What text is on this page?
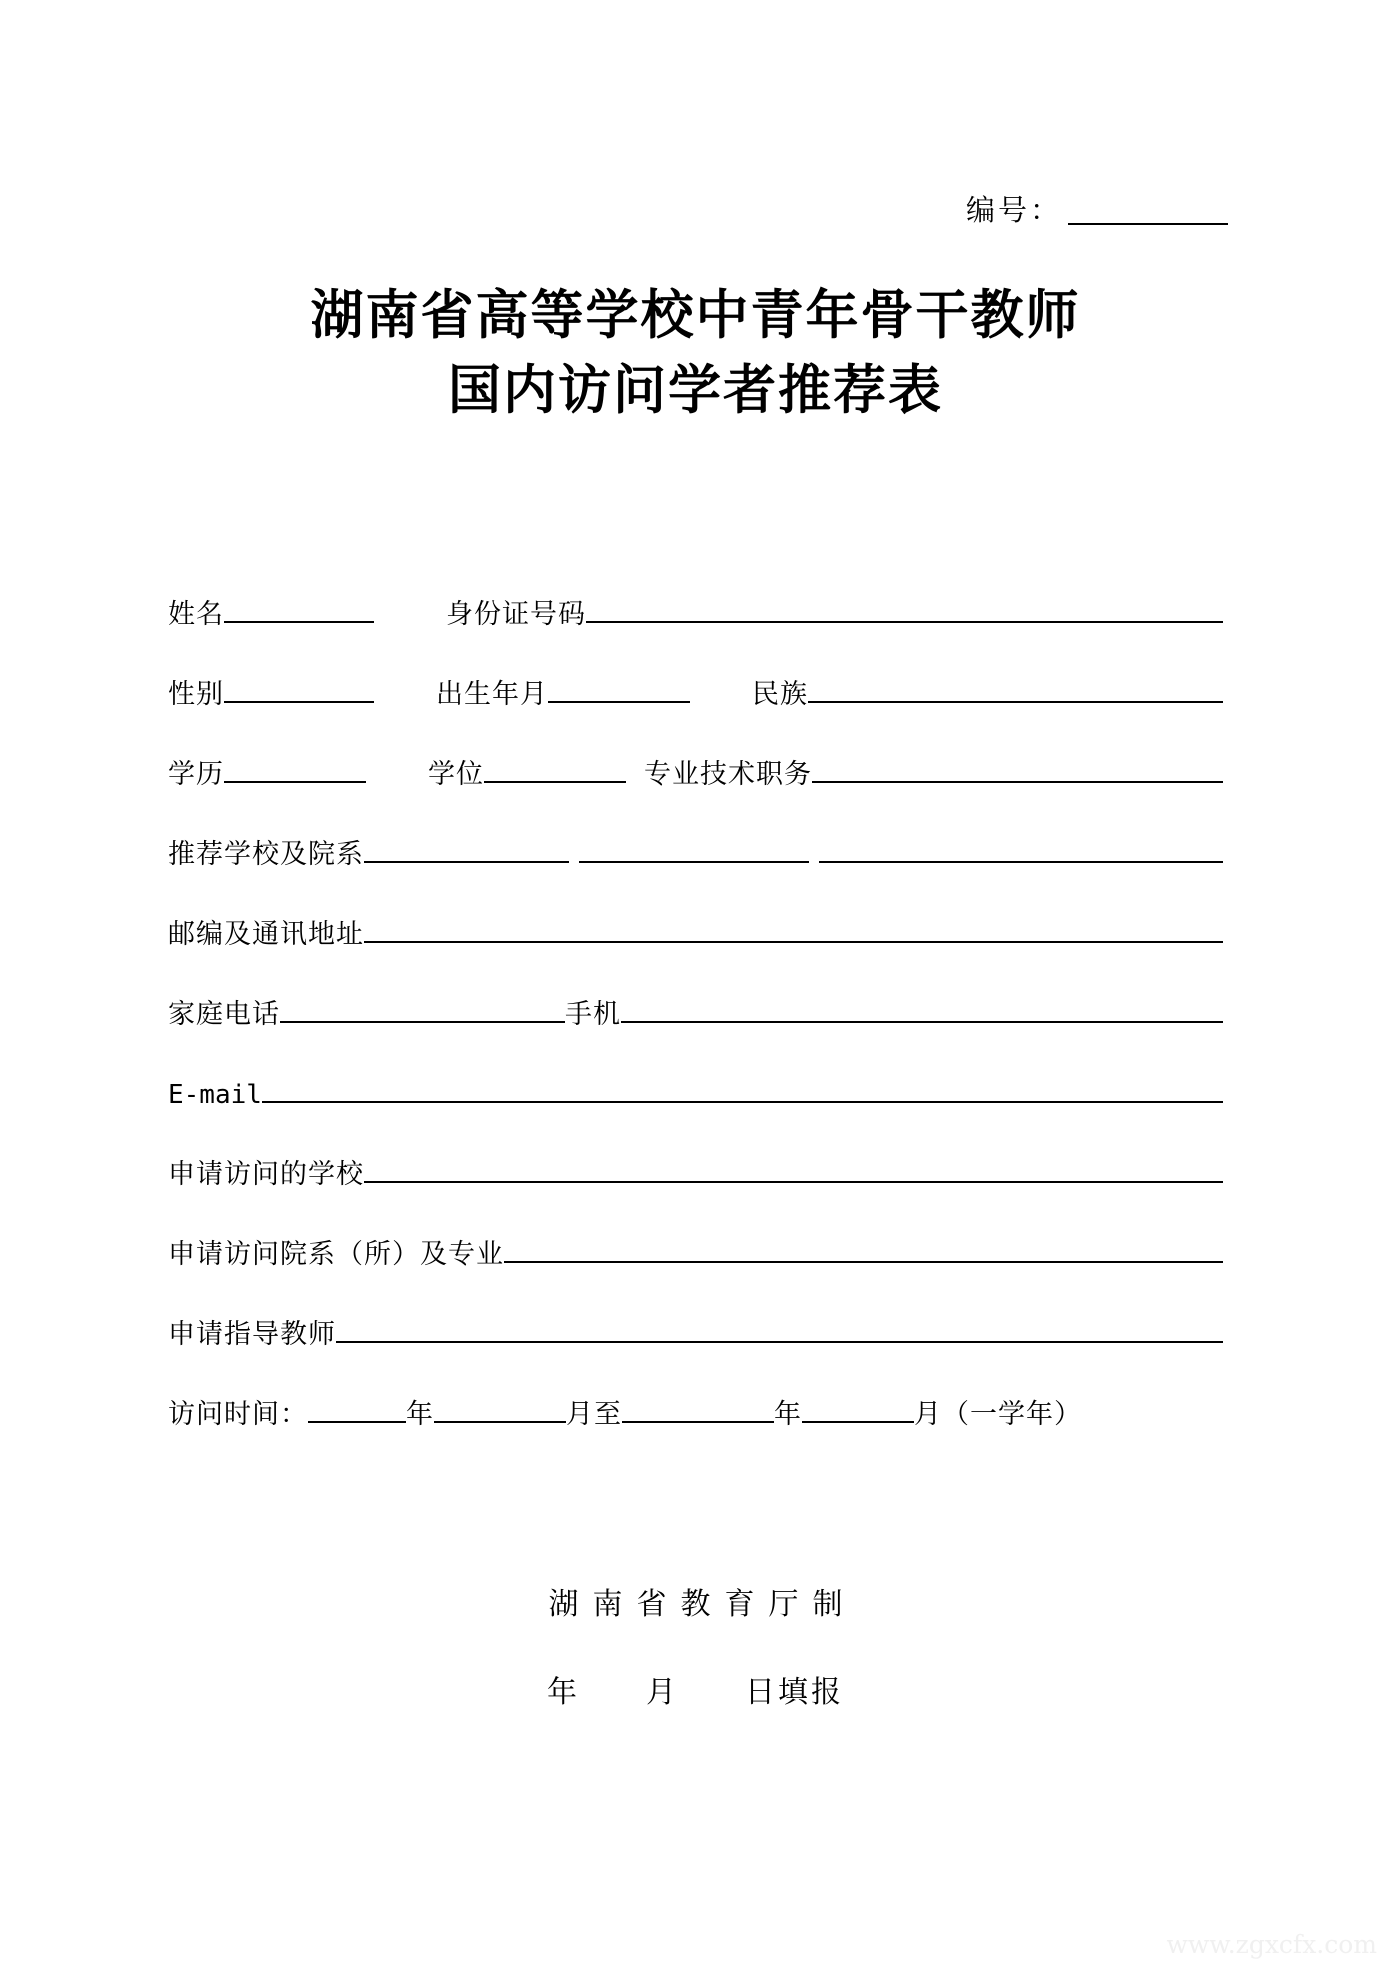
编号：
湖南省高等学校中青年骨干教师
国内访问学者推荐表
姓名	身份证号码
性别	出生年月	民族
学历	学位	专业技术职务
推荐学校及院系
邮编及通讯地址
家庭电话	手机
E-mail
申请访问的学校
申请访问院系（所）及专业
申请指导教师
访问时间：	年	月 至	年	月 （一学年）
湖南省教育厅制
年　　月　　日填报
www.zgxcfx.com
